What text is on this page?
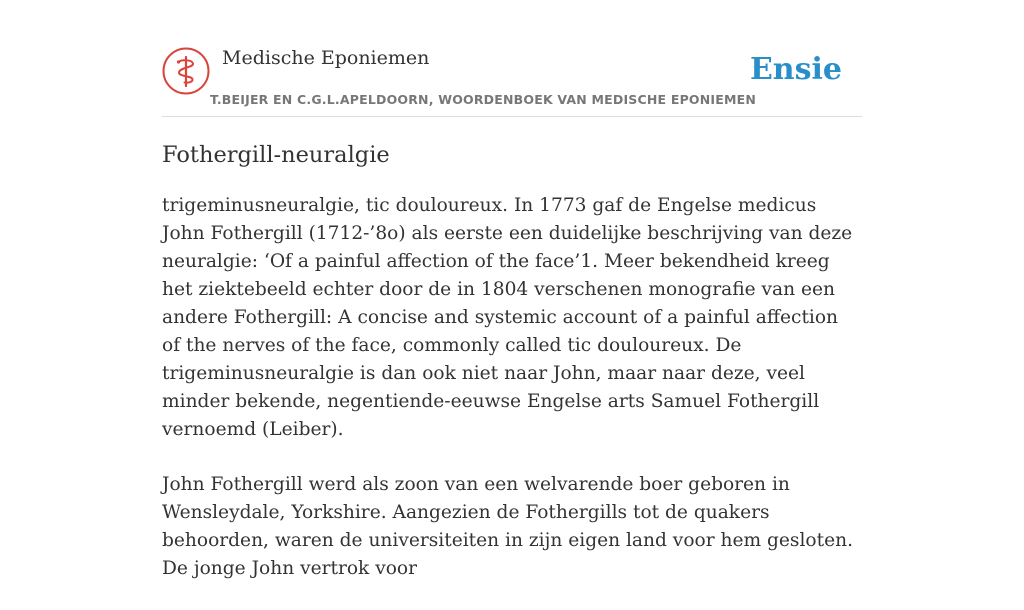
Medische Eponiemen
T.BEIJER EN C.G.L.APELDOORN, WOORDENBOEK VAN MEDISCHE EPONIEMEN
Ensie
Fothergill-neuralgie

trigeminusneuralgie, tic douloureux. In 1773 gaf de Engelse medicus John Fothergill (1712-’8o) als eerste een duidelijke beschrijving van deze neuralgie: ‘Of a painful affection of the face’1. Meer bekendheid kreeg het ziektebeeld echter door de in 1804 verschenen monografie van een andere Fothergill: A concise and systemic account of a painful affection of the nerves of the face, commonly called tic douloureux. De trigeminusneuralgie is dan ook niet naar John, maar naar deze, veel minder bekende, negentiende-eeuwse Engelse arts Samuel Fothergill vernoemd (Leiber).

John Fothergill werd als zoon van een welvarende boer geboren in Wensleydale, Yorkshire. Aangezien de Fothergills tot de quakers behoorden, waren de universiteiten in zijn eigen land voor hem gesloten. De jonge John vertrok voor
